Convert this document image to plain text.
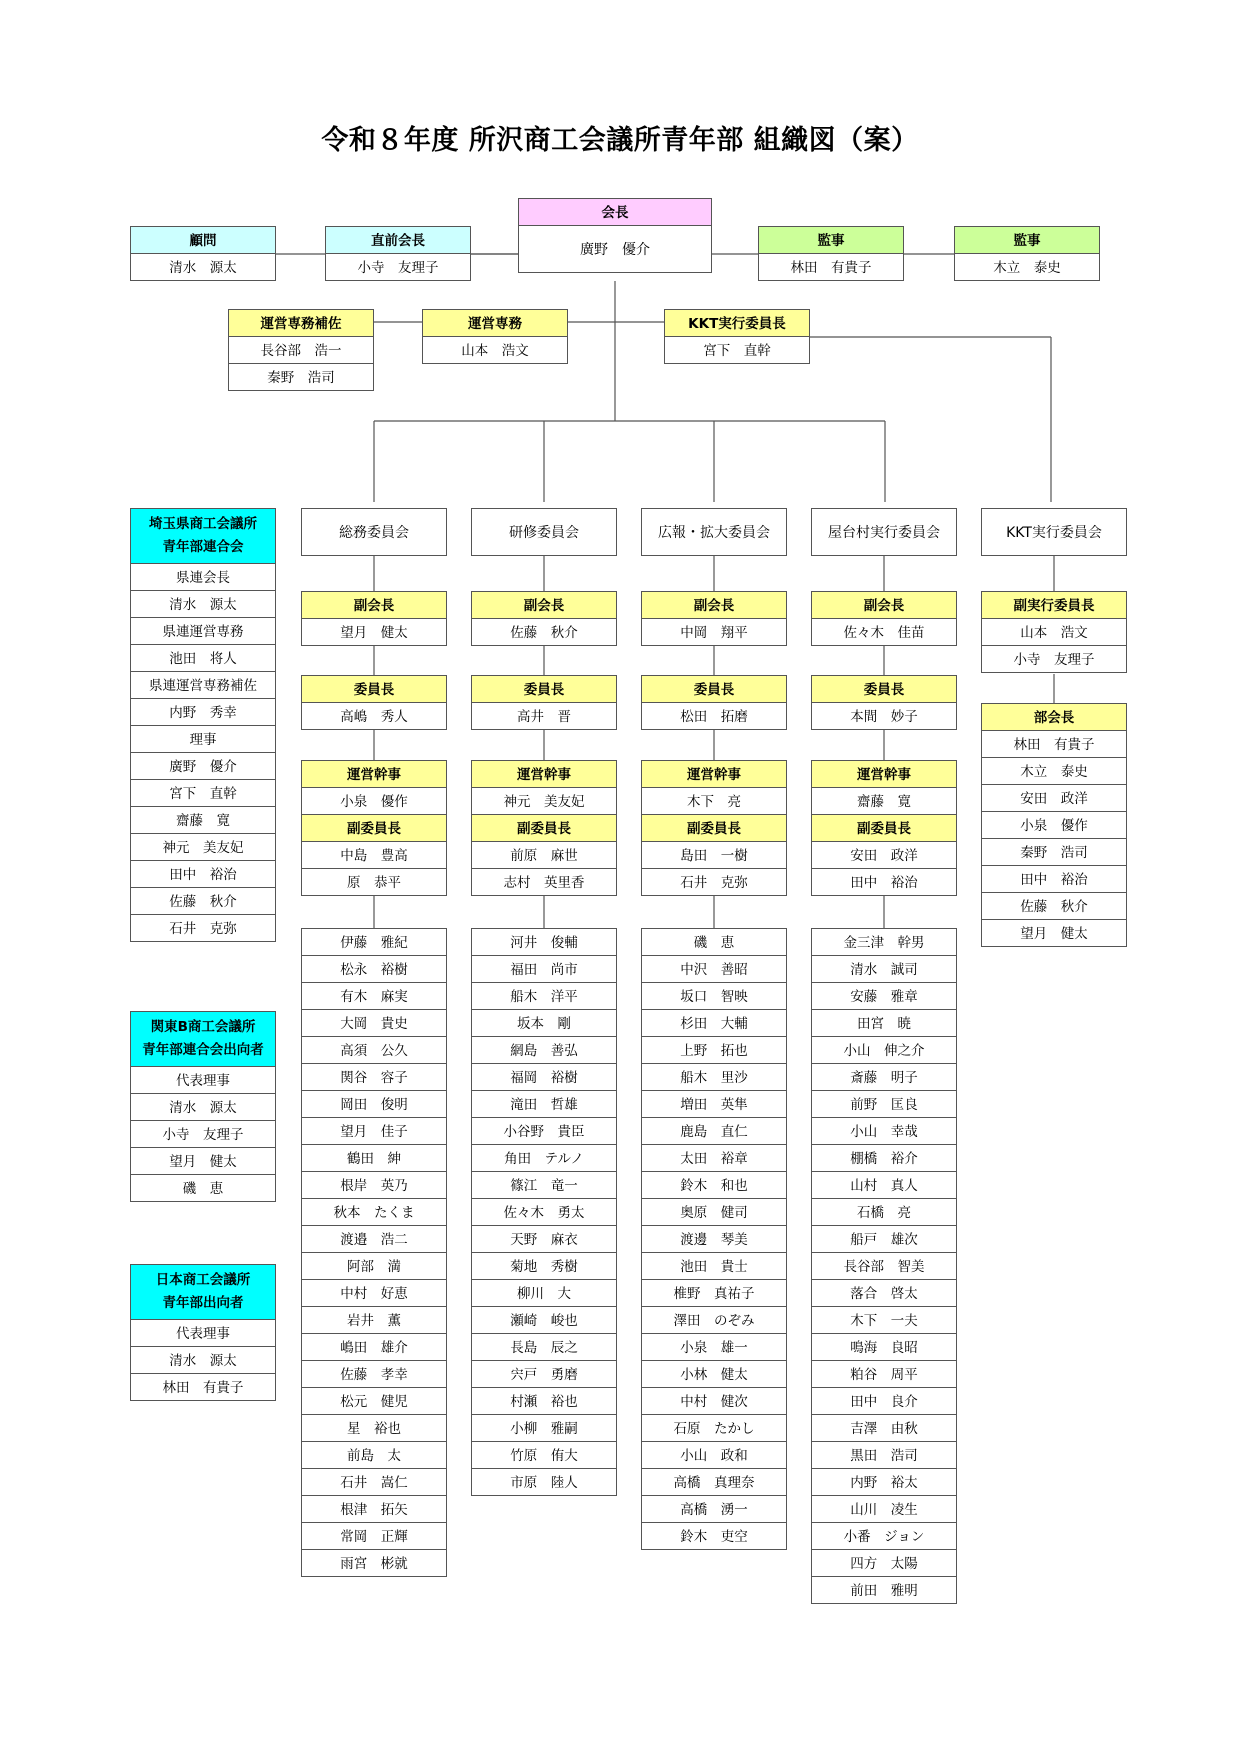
令和８年度 所沢商工会議所青年部 組織図（案）
会長
廣野　優介
顧問
清水　源太
直前会長
小寺　友理子
監事
林田　有貴子
監事
木立　泰史
運営専務補佐
長谷部　浩一
秦野　浩司
運営専務
山本　浩文
KKT実行委員長
宮下　直幹
総務委員会
副会長
望月　健太
委員長
高嶋　秀人
運営幹事
小泉　優作
副委員長
中島　豊高
原　恭平
伊藤　雅紀
松永　裕樹
有木　麻実
大岡　貴史
高須　公久
関谷　容子
岡田　俊明
望月　佳子
鶴田　紳
根岸　英乃
秋本　たくま
渡邉　浩二
阿部　満
中村　好恵
岩井　薫
嶋田　雄介
佐藤　孝幸
松元　健児
星　裕也
前島　太
石井　嵩仁
根津　拓矢
常岡　正輝
雨宮　彬就
研修委員会
副会長
佐藤　秋介
委員長
高井　晋
運営幹事
神元　美友妃
副委員長
前原　麻世
志村　英里香
河井　俊輔
福田　尚市
船木　洋平
坂本　剛
網島　善弘
福岡　裕樹
滝田　哲雄
小谷野　貴臣
角田　テルノ
篠江　竜一
佐々木　勇太
天野　麻衣
菊地　秀樹
柳川　大
瀬崎　峻也
長島　辰之
宍戸　勇磨
村瀬　裕也
小柳　雅嗣
竹原　侑大
市原　陸人
広報・拡大委員会
副会長
中岡　翔平
委員長
松田　拓磨
運営幹事
木下　亮
副委員長
島田　一樹
石井　克弥
磯　恵
中沢　善昭
坂口　智映
杉田　大輔
上野　拓也
船木　里沙
増田　英隼
鹿島　直仁
太田　裕章
鈴木　和也
奥原　健司
渡邊　琴美
池田　貴士
椎野　真祐子
澤田　のぞみ
小泉　雄一
小林　健太
中村　健次
石原　たかし
小山　政和
高橋　真理奈
高橋　湧一
鈴木　吏空
屋台村実行委員会
副会長
佐々木　佳苗
委員長
本間　妙子
運営幹事
齋藤　寛
副委員長
安田　政洋
田中　裕治
金三津　幹男
清水　誠司
安藤　雅章
田宮　暁
小山　伸之介
斎藤　明子
前野　匡良
小山　幸哉
棚橋　裕介
山村　真人
石橋　亮
船戸　雄次
長谷部　智美
落合　啓太
木下　一夫
鳴海　良昭
粕谷　周平
田中　良介
吉澤　由秋
黒田　浩司
内野　裕太
山川　凌生
小番　ジョン
四方　太陽
前田　雅明
KKT実行委員会
副実行委員長
山本　浩文
小寺　友理子
部会長
林田　有貴子
木立　泰史
安田　政洋
小泉　優作
秦野　浩司
田中　裕治
佐藤　秋介
望月　健太
埼玉県商工会議所
青年部連合会
県連会長
清水　源太
県連運営専務
池田　将人
県連運営専務補佐
内野　秀幸
理事
廣野　優介
宮下　直幹
齋藤　寛
神元　美友妃
田中　裕治
佐藤　秋介
石井　克弥
関東B商工会議所
青年部連合会出向者
代表理事
清水　源太
小寺　友理子
望月　健太
磯　恵
日本商工会議所
青年部出向者
代表理事
清水　源太
林田　有貴子
